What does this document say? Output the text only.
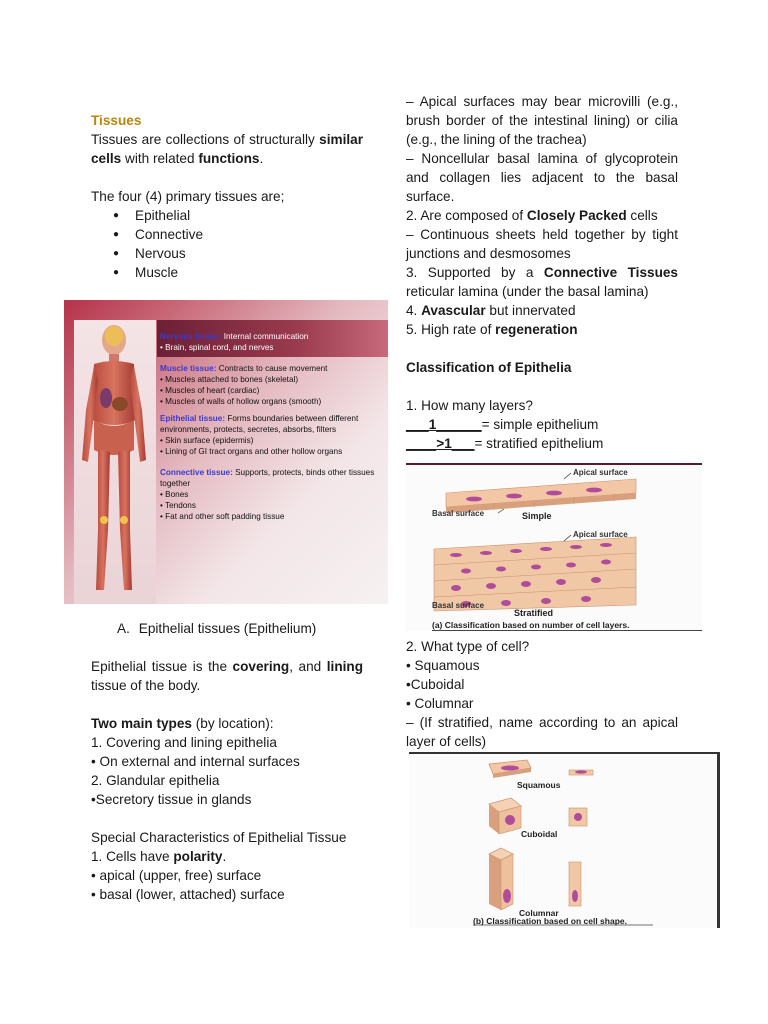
Tissues

Tissues are collections of structurally similar cells with related functions.

The four (4) primary tissues are;

● Epithelial
● Connective
● Nervous
● Muscle
Nervous tissue: Internal communication
• Brain, spinal cord, and nerves
Muscle tissue: Contracts to cause movement
• Muscles attached to bones (skeletal)
• Muscles of heart (cardiac)
• Muscles of walls of hollow organs (smooth)
Epithelial tissue: Forms boundaries between different environments, protects, secretes, absorbs, filters
• Skin surface (epidermis)
• Lining of GI tract organs and other hollow organs
Connective tissue: Supports, protects, binds other tissues together
• Bones
• Tendons
• Fat and other soft padding tissue

A. Epithelial tissues (Epithelium)

Epithelial tissue is the covering, and lining tissue of the body.

Two main types (by location):

1. Covering and lining epithelia

• On external and internal surfaces

2. Glandular epithelia

•Secretory tissue in glands

Special Characteristics of Epithelial Tissue

1. Cells have polarity.

• apical (upper, free) surface

• basal (lower, attached) surface

– Apical surfaces may bear microvilli (e.g., brush border of the intestinal lining) or cilia (e.g., the lining of the trachea)

– Noncellular basal lamina of glycoprotein and collagen lies adjacent to the basal surface.

2. Are composed of Closely Packed cells

– Continuous sheets held together by tight junctions and desmosomes

3. Supported by a Connective Tissues reticular lamina (under the basal lamina)

4. Avascular but innervated

5. High rate of regeneration

Classification of Epithelia

1. How many layers?

___1______= simple epithelium

____>1___= stratified epithelium

Apical surface
Basal surface	Simple
Apical surface
Basal surface
Stratified
(a) Classification based on number of cell layers.

2. What type of cell?

• Squamous

•Cuboidal

• Columnar

– (If stratified, name according to an apical layer of cells)

Squamous
Cuboidal
Columnar
(b) Classification based on cell shape.
